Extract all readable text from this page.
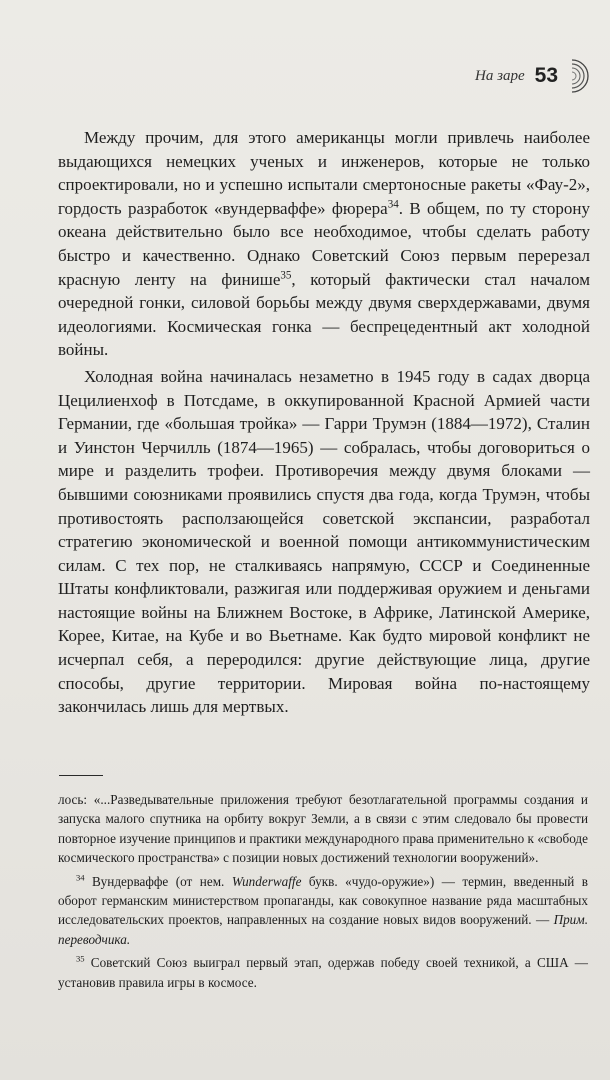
На заре 53

Между прочим, для этого американцы могли привлечь наиболее выдающихся немецких ученых и инженеров, которые не только спроектировали, но и успешно испытали смертоносные ракеты «Фау-2», гордость разработок «вундерваффе» фюрера$^{34}$. В общем, по ту сторону океана действительно было все необходимое, чтобы сделать работу быстро и качественно. Однако Советский Союз первым перерезал красную ленту на финише$^{35}$, который фактически стал началом очередной гонки, силовой борьбы между двумя сверхдержавами, двумя идеологиями. Космическая гонка — беспрецедентный акт холодной войны.

Холодная война начиналась незаметно в 1945 году в садах дворца Цецилиенхоф в Потсдаме, в оккупированной Красной Армией части Германии, где «большая тройка» — Гарри Трумэн (1884—1972), Сталин и Уинстон Черчилль (1874—1965) — собралась, чтобы договориться о мире и разделить трофеи. Противоречия между двумя блоками — бывшими союзниками проявились спустя два года, когда Трумэн, чтобы противостоять расползающейся советской экспансии, разработал стратегию экономической и военной помощи антикоммунистическим силам. С тех пор, не сталкиваясь напрямую, СССР и Соединенные Штаты конфликтовали, разжигая или поддерживая оружием и деньгами настоящие войны на Ближнем Востоке, в Африке, Латинской Америке, Корее, Китае, на Кубе и во Вьетнаме. Как будто мировой конфликт не исчерпал себя, а переродился: другие действующие лица, другие способы, другие территории. Мировая война по-настоящему закончилась лишь для мертвых.

лось: «...Разведывательные приложения требуют безотлагательной программы создания и запуска малого спутника на орбиту вокруг Земли, а в связи с этим следовало бы провести повторное изучение принципов и практики международного права применительно к «свободе космического пространства» с позиции новых достижений технологии вооружений».

$^{34}$ Вундерваффе (от нем. Wunderwaffe букв. «чудо-оружие») — термин, введенный в оборот германским министерством пропаганды, как совокупное название ряда масштабных исследовательских проектов, направленных на создание новых видов вооружений. — Прим. переводчика.

$^{35}$ Советский Союз выиграл первый этап, одержав победу своей техникой, а США — установив правила игры в космосе.
